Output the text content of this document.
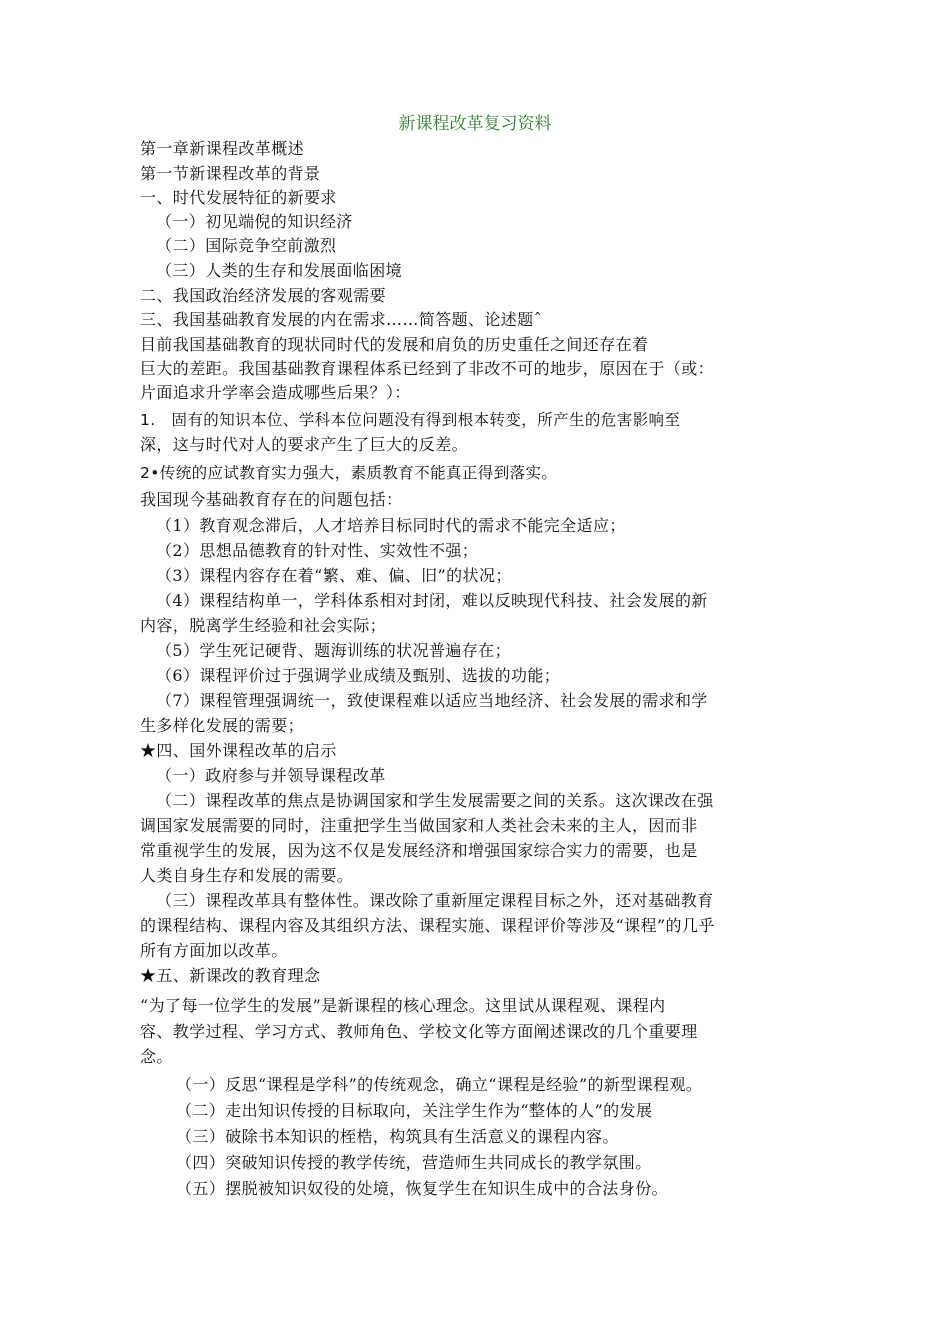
新课程改革复习资料
第一章新课程改革概述
第一节新课程改革的背景
一、时代发展特征的新要求
（一）初见端倪的知识经济
（二）国际竞争空前激烈
（三）人类的生存和发展面临困境
二、我国政治经济发展的客观需要
三、我国基础教育发展的内在需求……简答题、论述题ˆ
目前我国基础教育的现状同时代的发展和肩负的历史重任之间还存在着
巨大的差距。我国基础教育课程体系已经到了非改不可的地步，原因在于（或：
片面追求升学率会造成哪些后果？）：
1.　固有的知识本位、学科本位问题没有得到根本转变，所产生的危害影响至
深，这与时代对人的要求产生了巨大的反差。
2•传统的应试教育实力强大，素质教育不能真正得到落实。
我国现今基础教育存在的问题包括：
（1）教育观念滞后，人才培养目标同时代的需求不能完全适应；
（2）思想品德教育的针对性、实效性不强；
（3）课程内容存在着“繁、难、偏、旧”的状况；
（4）课程结构单一，学科体系相对封闭，难以反映现代科技、社会发展的新
内容，脱离学生经验和社会实际；
（5）学生死记硬背、题海训练的状况普遍存在；
（6）课程评价过于强调学业成绩及甄别、选拔的功能；
（7）课程管理强调统一，致使课程难以适应当地经济、社会发展的需求和学
生多样化发展的需要；
★四、国外课程改革的启示
（一）政府参与并领导课程改革
（二）课程改革的焦点是协调国家和学生发展需要之间的关系。这次课改在强
调国家发展需要的同时，注重把学生当做国家和人类社会未来的主人，因而非
常重视学生的发展，因为这不仅是发展经济和增强国家综合实力的需要，也是
人类自身生存和发展的需要。
（三）课程改革具有整体性。课改除了重新厘定课程目标之外，还对基础教育
的课程结构、课程内容及其组织方法、课程实施、课程评价等涉及“课程”的几乎
所有方面加以改革。
★五、新课改的教育理念
“为了每一位学生的发展”是新课程的核心理念。这里试从课程观、课程内
容、教学过程、学习方式、教师角色、学校文化等方面阐述课改的几个重要理
念。
（一）反思“课程是学科”的传统观念，确立“课程是经验”的新型课程观。
（二）走出知识传授的目标取向，关注学生作为“整体的人”的发展
（三）破除书本知识的桎梏，构筑具有生活意义的课程内容。
（四）突破知识传授的教学传统，营造师生共同成长的教学氛围。
（五）摆脱被知识奴役的处境，恢复学生在知识生成中的合法身份。
